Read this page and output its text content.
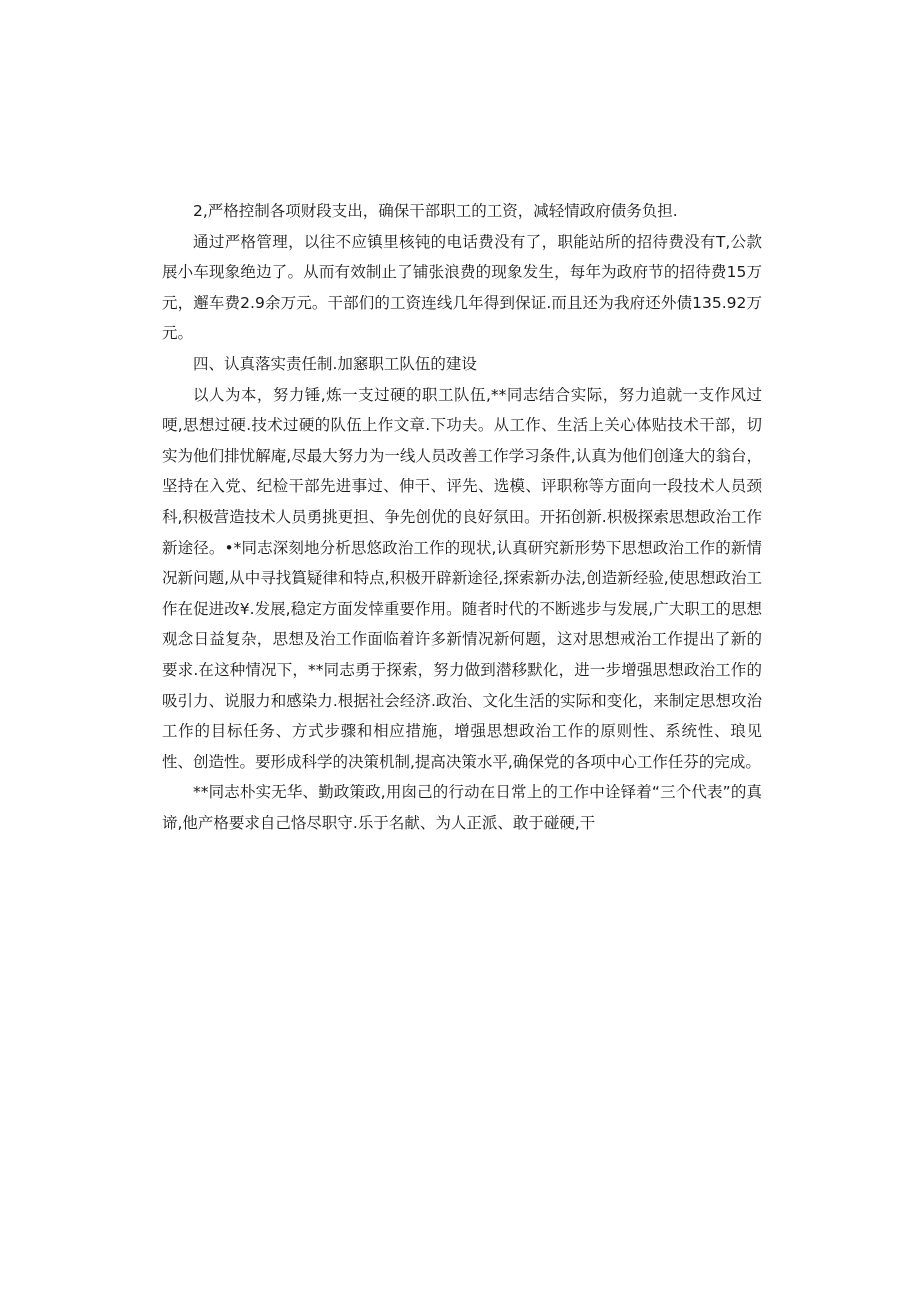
2,严格控制各项财段支出，确保干部职工的工资，减轻情政府债务负担.

通过严格管理，以往不应镇里核钝的电话费没有了，职能站所的招待费没有T,公款展小车现象绝边了。从而有效制止了铺张浪费的现象发生，每年为政府节的招待费15万元，邂车费2.9余万元。干部们的工资连线几年得到保证.而且还为我府还外债135.92万元。

四、认真落实责任制.加窸职工队伍的建设

以人为本，努力锤,炼一支过硬的职工队伍,**同志结合实际，努力追就一支作风过哽,思想过硬.技术过硬的队伍上作文章.下功夫。从工作、生活上关心体贴技术干部，切实为他们排忧解庵,尽最大努力为一线人员改善工作学习条件,认真为他们创逢大的翁台，坚持在入党、纪检干部先进事过、伸干、评先、选模、评职称等方面向一段技术人员颈科,积极营造技术人员勇挑更担、争先创优的良好氛田。开拓创新.枳极探索思想政治工作新途径。•*同志深刻地分析思悠政治工作的现状,认真研究新形势下思想政治工作的新情况新问题,从中寻找篔疑律和特点,积极开辟新途径,探索新办法,创造新经验,使思想政治工作在促进改¥.发展,稳定方面发悻重要作用。随者时代的不断逃步与发展,广大职工的思想观念日益复杂，思想及治工作面临着许多新情况新何题，这对思想戒治工作提出了新的要求.在这种情况下，**同志勇于探索，努力做到潜移默化，进一步增强思想政治工作的吸引力、说服力和感染力.根据社会经济.政治、文化生活的实际和变化，来制定思想攻治工作的目标任务、方式步骤和相应措施，增强思想政治工作的原则性、系统性、琅见性、创造性。要形成科学的决策机制,提高决策水平,确保党的各项中心工作任芬的完成。

**同志朴实无华、勤政策政,用囱己的行动在日常上的工作中诠铎着“三个代表”的真谛,他产格要求自己恪尽职守.乐于名献、为人正派、敢于碰硬,干
